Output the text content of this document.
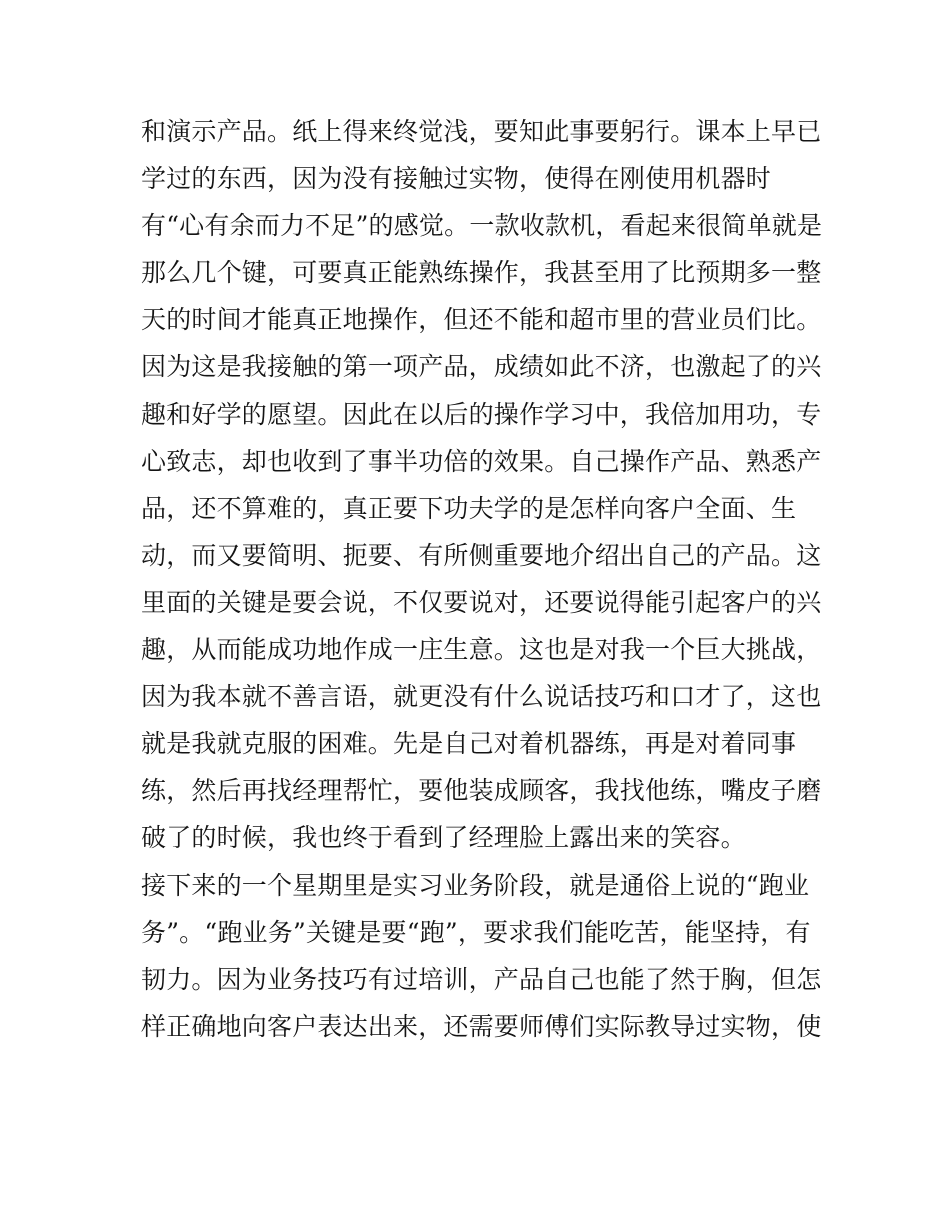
和演示产品。纸上得来终觉浅，要知此事要躬行。课本上早已
学过的东西，因为没有接触过实物，使得在刚使用机器时
有“心有余而力不足”的感觉。一款收款机，看起来很简单就是
那么几个键，可要真正能熟练操作，我甚至用了比预期多一整
天的时间才能真正地操作，但还不能和超市里的营业员们比。
因为这是我接触的第一项产品，成绩如此不济，也激起了的兴
趣和好学的愿望。因此在以后的操作学习中，我倍加用功，专
心致志，却也收到了事半功倍的效果。自己操作产品、熟悉产
品，还不算难的，真正要下功夫学的是怎样向客户全面、生
动，而又要简明、扼要、有所侧重要地介绍出自己的产品。这
里面的关键是要会说，不仅要说对，还要说得能引起客户的兴
趣，从而能成功地作成一庄生意。这也是对我一个巨大挑战，
因为我本就不善言语，就更没有什么说话技巧和口才了，这也
就是我就克服的困难。先是自己对着机器练，再是对着同事
练，然后再找经理帮忙，要他装成顾客，我找他练，嘴皮子磨
破了的时候，我也终于看到了经理脸上露出来的笑容。
接下来的一个星期里是实习业务阶段，就是通俗上说的“跑业
务”。“跑业务”关键是要“跑”，要求我们能吃苦，能坚持，有
韧力。因为业务技巧有过培训，产品自己也能了然于胸，但怎
样正确地向客户表达出来，还需要师傅们实际教导过实物，使
